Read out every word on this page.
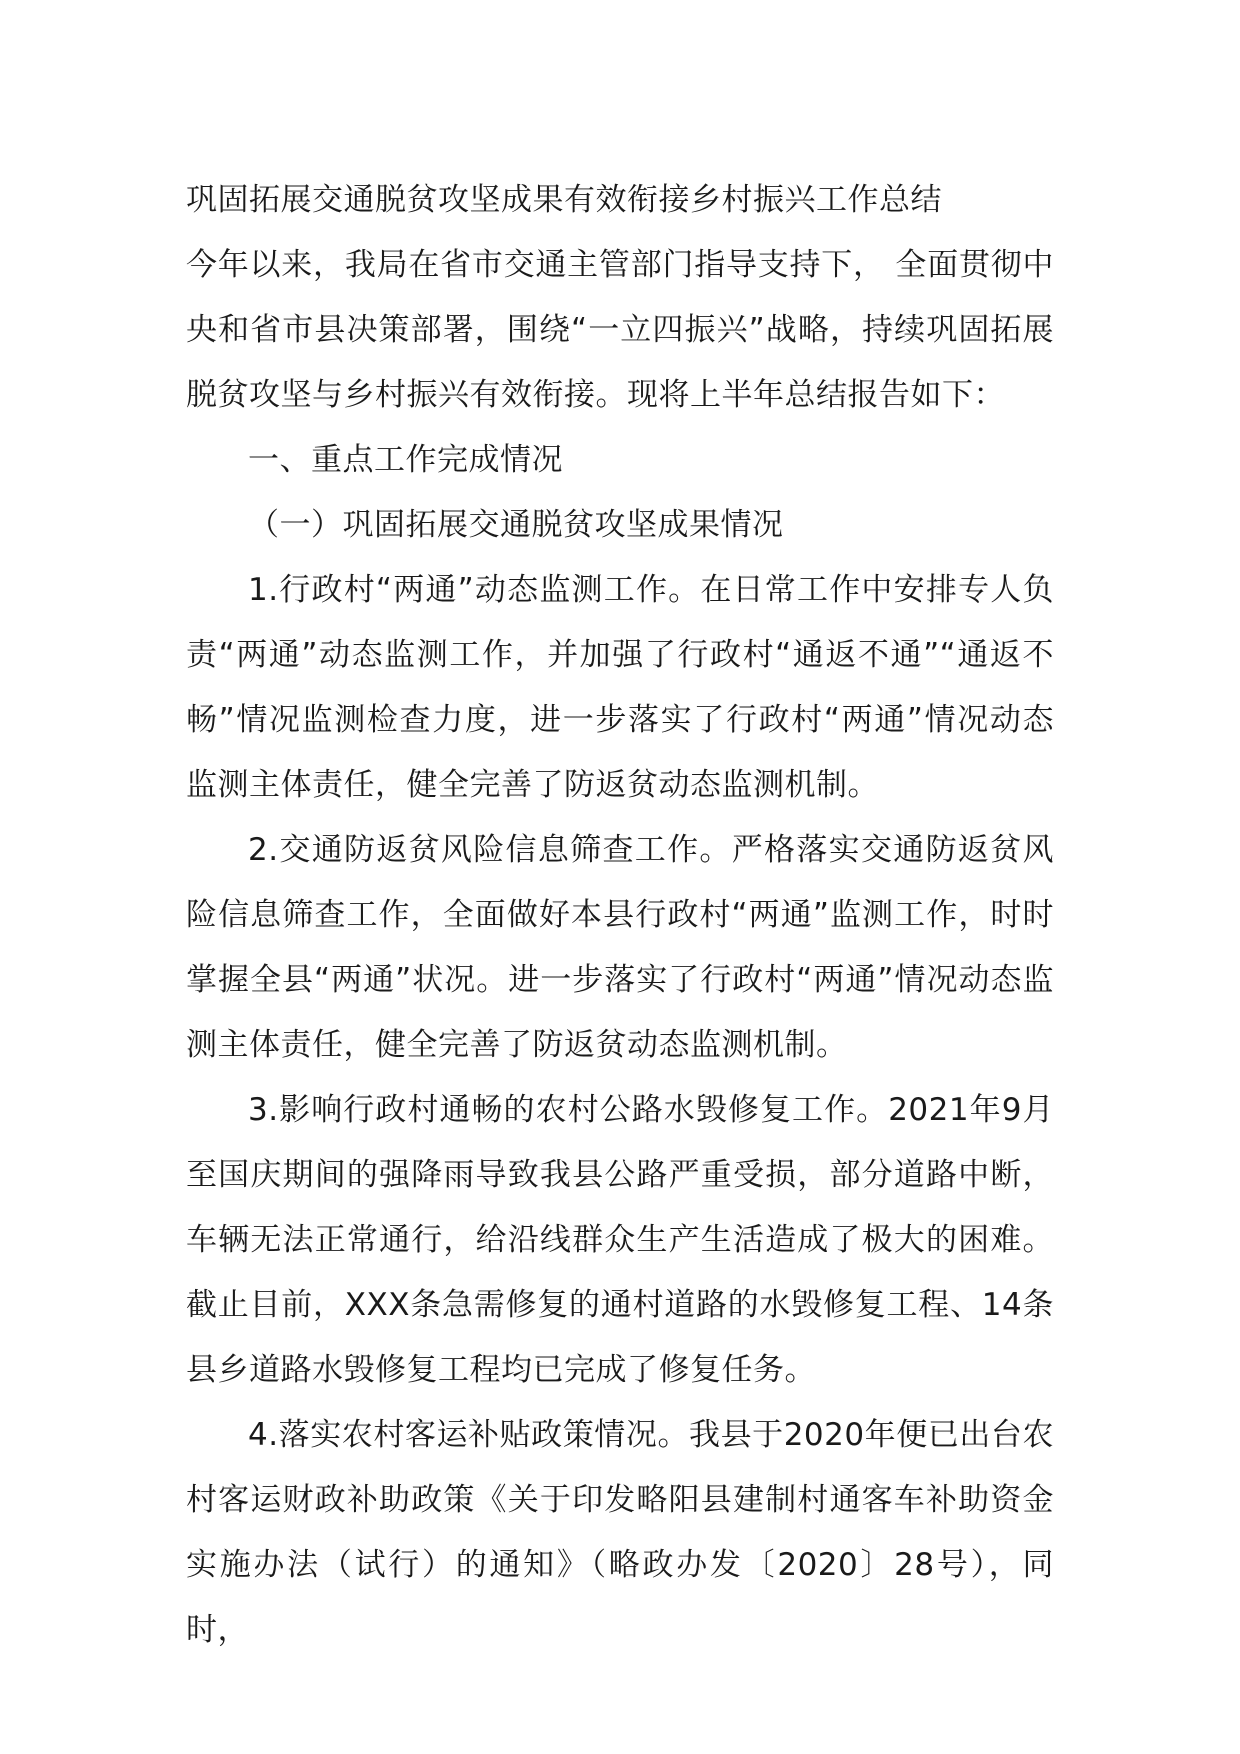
巩固拓展交通脱贫攻坚成果有效衔接乡村振兴工作总结

今年以来，我局在省市交通主管部门指导支持下， 全面贯彻中央和省市县决策部署，围绕“一立四振兴”战略，持续巩固拓展脱贫攻坚与乡村振兴有效衔接。现将上半年总结报告如下：

一、重点工作完成情况

（一）巩固拓展交通脱贫攻坚成果情况

1.行政村“两通”动态监测工作。在日常工作中安排专人负责“两通”动态监测工作，并加强了行政村“通返不通”“通返不畅”情况监测检查力度，进一步落实了行政村“两通”情况动态监测主体责任，健全完善了防返贫动态监测机制。

2.交通防返贫风险信息筛查工作。严格落实交通防返贫风险信息筛查工作，全面做好本县行政村“两通”监测工作，时时掌握全县“两通”状况。进一步落实了行政村“两通”情况动态监测主体责任，健全完善了防返贫动态监测机制。

3.影响行政村通畅的农村公路水毁修复工作。2021年9月至国庆期间的强降雨导致我县公路严重受损，部分道路中断，车辆无法正常通行，给沿线群众生产生活造成了极大的困难。截止目前，XXX条急需修复的通村道路的水毁修复工程、14条县乡道路水毁修复工程均已完成了修复任务。

4.落实农村客运补贴政策情况。我县于2020年便已出台农村客运财政补助政策《关于印发略阳县建制村通客车补助资金实施办法（试行）的通知》（略政办发〔2020〕28号），同时，
